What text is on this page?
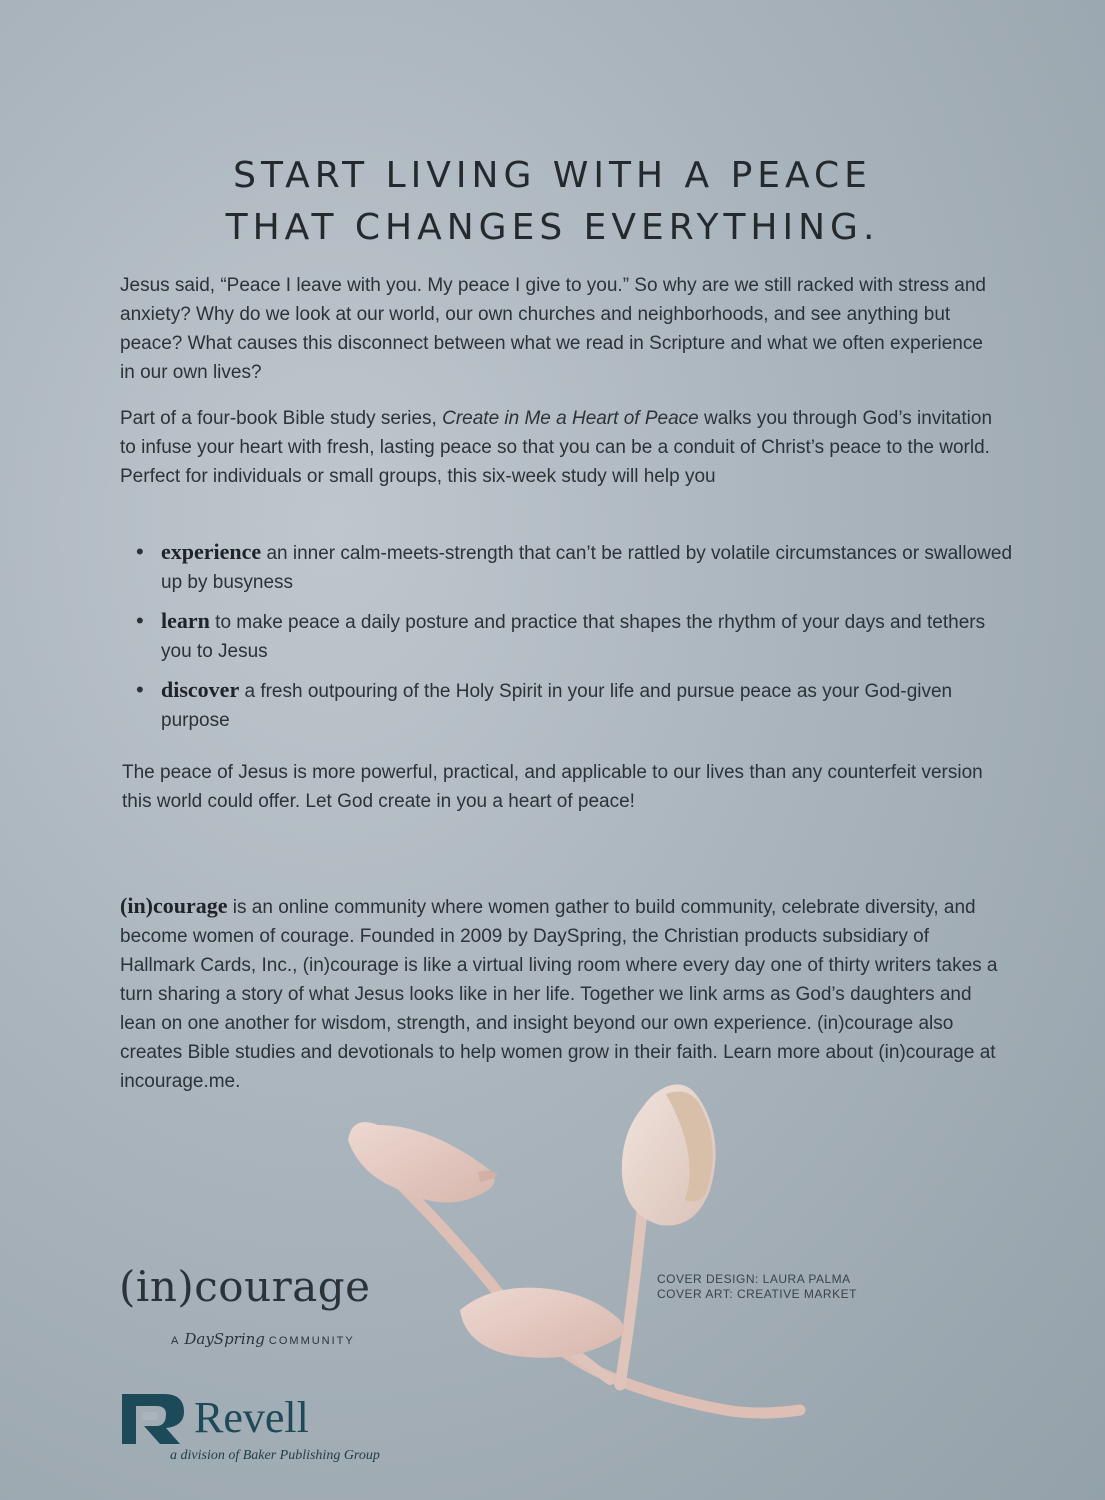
START LIVING WITH A PEACE
THAT CHANGES EVERYTHING.

Jesus said, “Peace I leave with you. My peace I give to you.” So why are we still racked with stress and anxiety? Why do we look at our world, our own churches and neighborhoods, and see anything but peace? What causes this disconnect between what we read in Scripture and what we often experience in our own lives?

Part of a four-book Bible study series, Create in Me a Heart of Peace walks you through God’s invitation to infuse your heart with fresh, lasting peace so that you can be a conduit of Christ’s peace to the world. Perfect for individuals or small groups, this six-week study will help you

• experience an inner calm-meets-strength that can’t be rattled by volatile circumstances or swallowed up by busyness
• learn to make peace a daily posture and practice that shapes the rhythm of your days and tethers you to Jesus
• discover a fresh outpouring of the Holy Spirit in your life and pursue peace as your God-given purpose

The peace of Jesus is more powerful, practical, and applicable to our lives than any counterfeit version this world could offer. Let God create in you a heart of peace!

(in)courage is an online community where women gather to build community, celebrate diversity, and become women of courage. Founded in 2009 by DaySpring, the Christian products subsidiary of Hallmark Cards, Inc., (in)courage is like a virtual living room where every day one of thirty writers takes a turn sharing a story of what Jesus looks like in her life. Together we link arms as God’s daughters and lean on one another for wisdom, strength, and insight beyond our own experience. (in)courage also creates Bible studies and devotionals to help women grow in their faith. Learn more about (in)courage at incourage.me.

COVER DESIGN: LAURA PALMA
COVER ART: CREATIVE MARKET
(in)courage
A DaySpring COMMUNITY
Revell
a division of Baker Publishing Group
